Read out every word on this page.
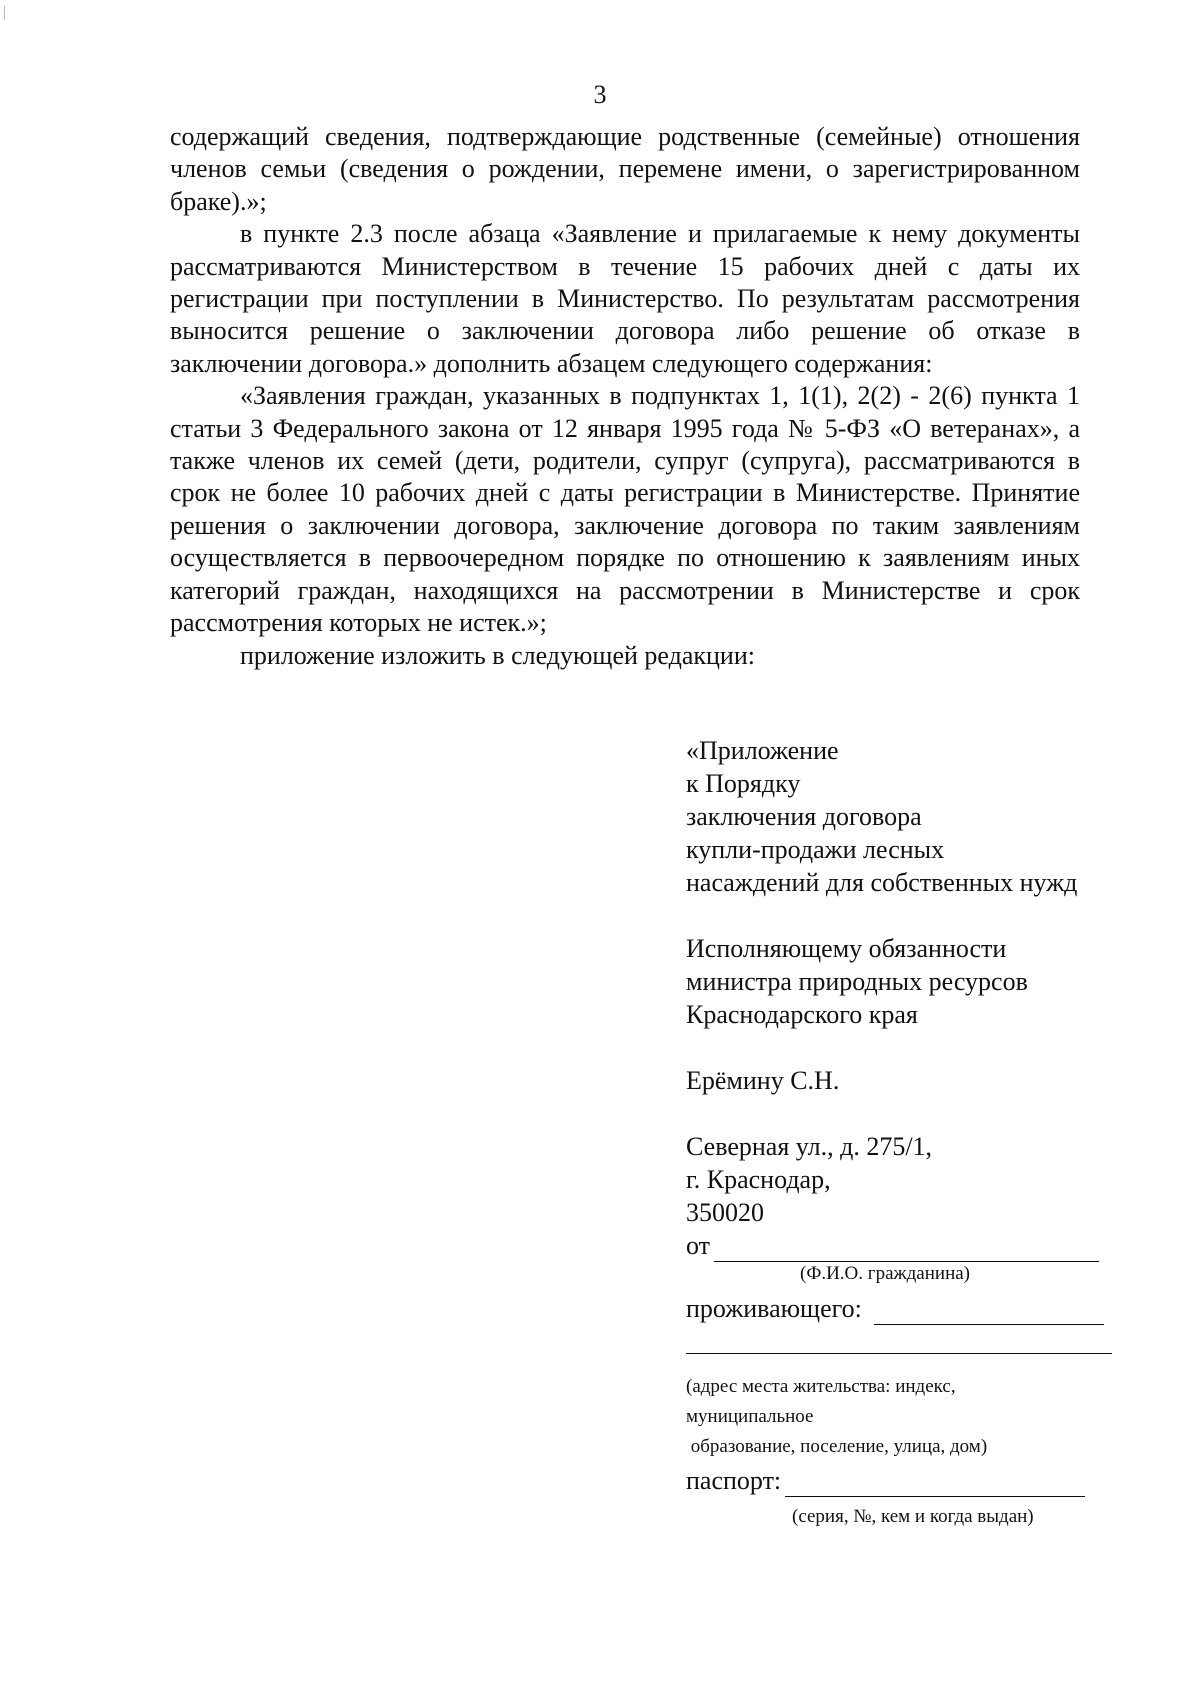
3

содержащий сведения, подтверждающие родственные (семейные) отношения членов семьи (сведения о рождении, перемене имени, о зарегистрированном браке).»;

в пункте 2.3 после абзаца «Заявление и прилагаемые к нему документы рассматриваются Министерством в течение 15 рабочих дней с даты их регистрации при поступлении в Министерство. По результатам рассмотрения выносится решение о заключении договора либо решение об отказе в заключении договора.» дополнить абзацем следующего содержания:

«Заявления граждан, указанных в подпунктах 1, 1(1), 2(2) - 2(6) пункта 1 статьи 3 Федерального закона от 12 января 1995 года № 5-ФЗ «О ветеранах», а также членов их семей (дети, родители, супруг (супруга), рассматриваются в срок не более 10 рабочих дней с даты регистрации в Министерстве. Принятие решения о заключении договора, заключение договора по таким заявлениям осуществляется в первоочередном порядке по отношению к заявлениям иных категорий граждан, находящихся на рассмотрении в Министерстве и срок рассмотрения которых не истек.»;

приложение изложить в следующей редакции:

«Приложение
к Порядку
заключения договора
купли-продажи лесных
насаждений для собственных нужд
Исполняющему обязанности
министра природных ресурсов
Краснодарского края
Ерёмину С.Н.
Северная ул., д. 275/1,
г. Краснодар,
350020
от
(Ф.И.О. гражданина)
проживающего:
(адрес места жительства: индекс,
муниципальное
образование, поселение, улица, дом)
паспорт:
(серия, №, кем и когда выдан)
